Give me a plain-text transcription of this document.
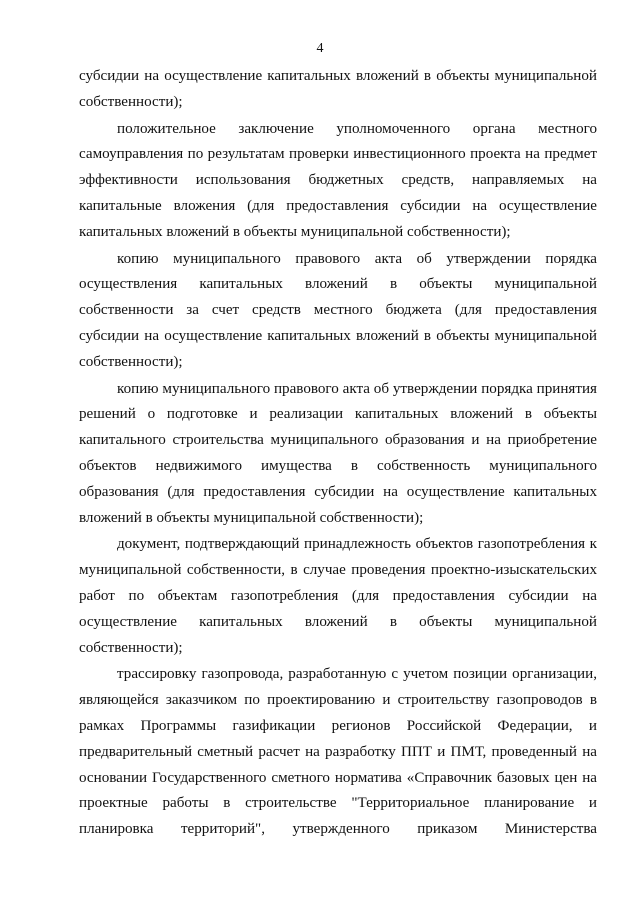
4

субсидии на осуществление капитальных вложений в объекты муниципальной собственности);

положительное заключение уполномоченного органа местного самоуправления по результатам проверки инвестиционного проекта на предмет эффективности использования бюджетных средств, направляемых на капитальные вложения (для предоставления субсидии на осуществление капитальных вложений в объекты муниципальной собственности);

копию муниципального правового акта об утверждении порядка осуществления капитальных вложений в объекты муниципальной собственности за счет средств местного бюджета (для предоставления субсидии на осуществление капитальных вложений в объекты муниципальной собственности);

копию муниципального правового акта об утверждении порядка принятия решений о подготовке и реализации капитальных вложений в объекты капитального строительства муниципального образования и на приобретение объектов недвижимого имущества в собственность муниципального образования (для предоставления субсидии на осуществление капитальных вложений в объекты муниципальной собственности);

документ, подтверждающий принадлежность объектов газопотребления к муниципальной собственности, в случае проведения проектно-изыскательских работ по объектам газопотребления (для предоставления субсидии на осуществление капитальных вложений в объекты муниципальной собственности);

трассировку газопровода, разработанную с учетом позиции организации, являющейся заказчиком по проектированию и строительству газопроводов в рамках Программы газификации регионов Российской Федерации, и предварительный сметный расчет на разработку ППТ и ПМТ, проведенный на основании Государственного сметного норматива «Справочник базовых цен на проектные работы в строительстве "Территориальное планирование и планировка территорий", утвержденного приказом Министерства
